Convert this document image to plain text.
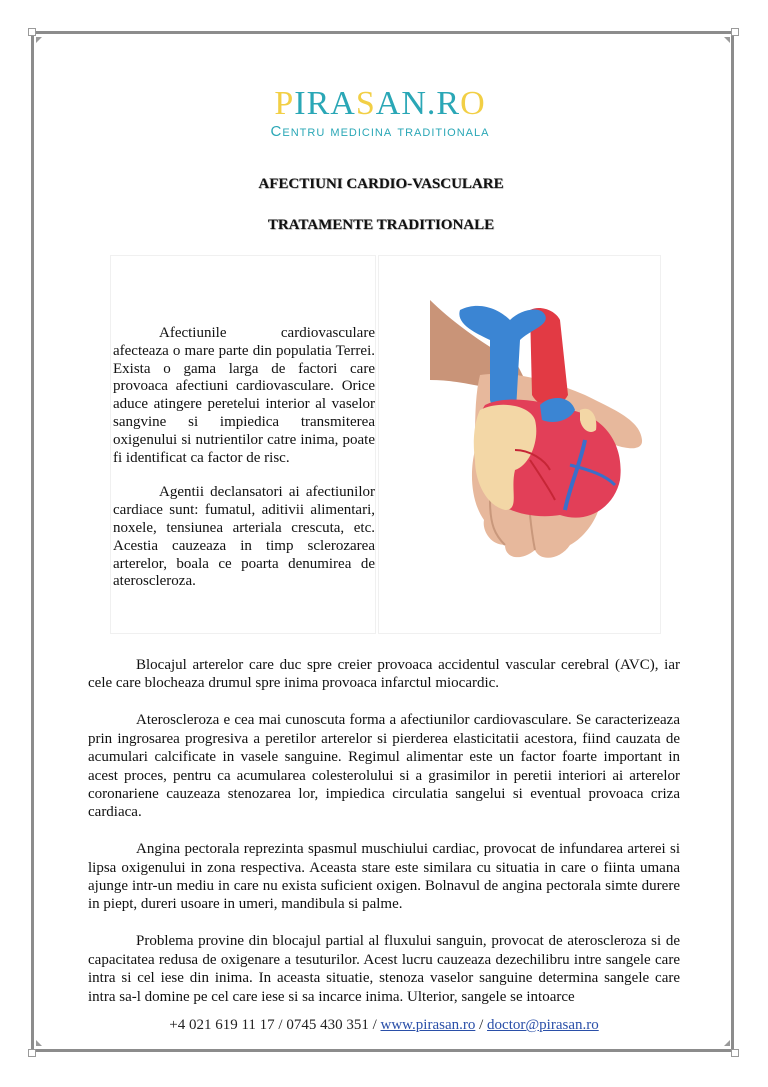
PIRASAN.RO
Centru medicina traditionala
AFECTIUNI CARDIO-VASCULARE
TRATAMENTE TRADITIONALE

Afectiunile cardiovasculare afecteaza o mare parte din populatia Terrei. Exista o gama larga de factori care provoaca afectiuni cardiovasculare. Orice aduce atingere peretelui interior al vaselor sangvine si impiedica transmiterea oxigenului si nutrientilor catre inima, poate fi identificat ca factor de risc.

Agentii declansatori ai afectiunilor cardiace sunt: fumatul, aditivii alimentari, noxele, tensiunea arteriala crescuta, etc. Acestia cauzeaza in timp sclerozarea arterelor, boala ce poarta denumirea de ateroscleroza.

Blocajul arterelor care duc spre creier provoaca accidentul vascular cerebral (AVC), iar cele care blocheaza drumul spre inima provoaca infarctul miocardic.

Ateroscleroza e cea mai cunoscuta forma a afectiunilor cardiovasculare. Se caracterizeaza prin ingrosarea progresiva a peretilor arterelor si pierderea elasticitatii acestora, fiind cauzata de acumulari calcificate in vasele sanguine. Regimul alimentar este un factor foarte important in acest proces, pentru ca acumularea colesterolului si a grasimilor in peretii interiori ai arterelor coronariene cauzeaza stenozarea lor, impiedica circulatia sangelui si eventual provoaca criza cardiaca.

Angina pectorala reprezinta spasmul muschiului cardiac, provocat de infundarea arterei si lipsa oxigenului in zona respectiva. Aceasta stare este similara cu situatia in care o fiinta umana ajunge intr-un mediu in care nu exista suficient oxigen. Bolnavul de angina pectorala simte durere in piept, dureri usoare in umeri, mandibula si palme.

Problema provine din blocajul partial al fluxului sanguin, provocat de ateroscleroza si de capacitatea redusa de oxigenare a tesuturilor. Acest lucru cauzeaza dezechilibru intre sangele care intra si cel iese din inima. In aceasta situatie, stenoza vaselor sanguine determina sangele care intra sa-l domine pe cel care iese si sa incarce inima. Ulterior, sangele se intoarce

+4 021 619 11 17 / 0745 430 351 / www.pirasan.ro / doctor@pirasan.ro
